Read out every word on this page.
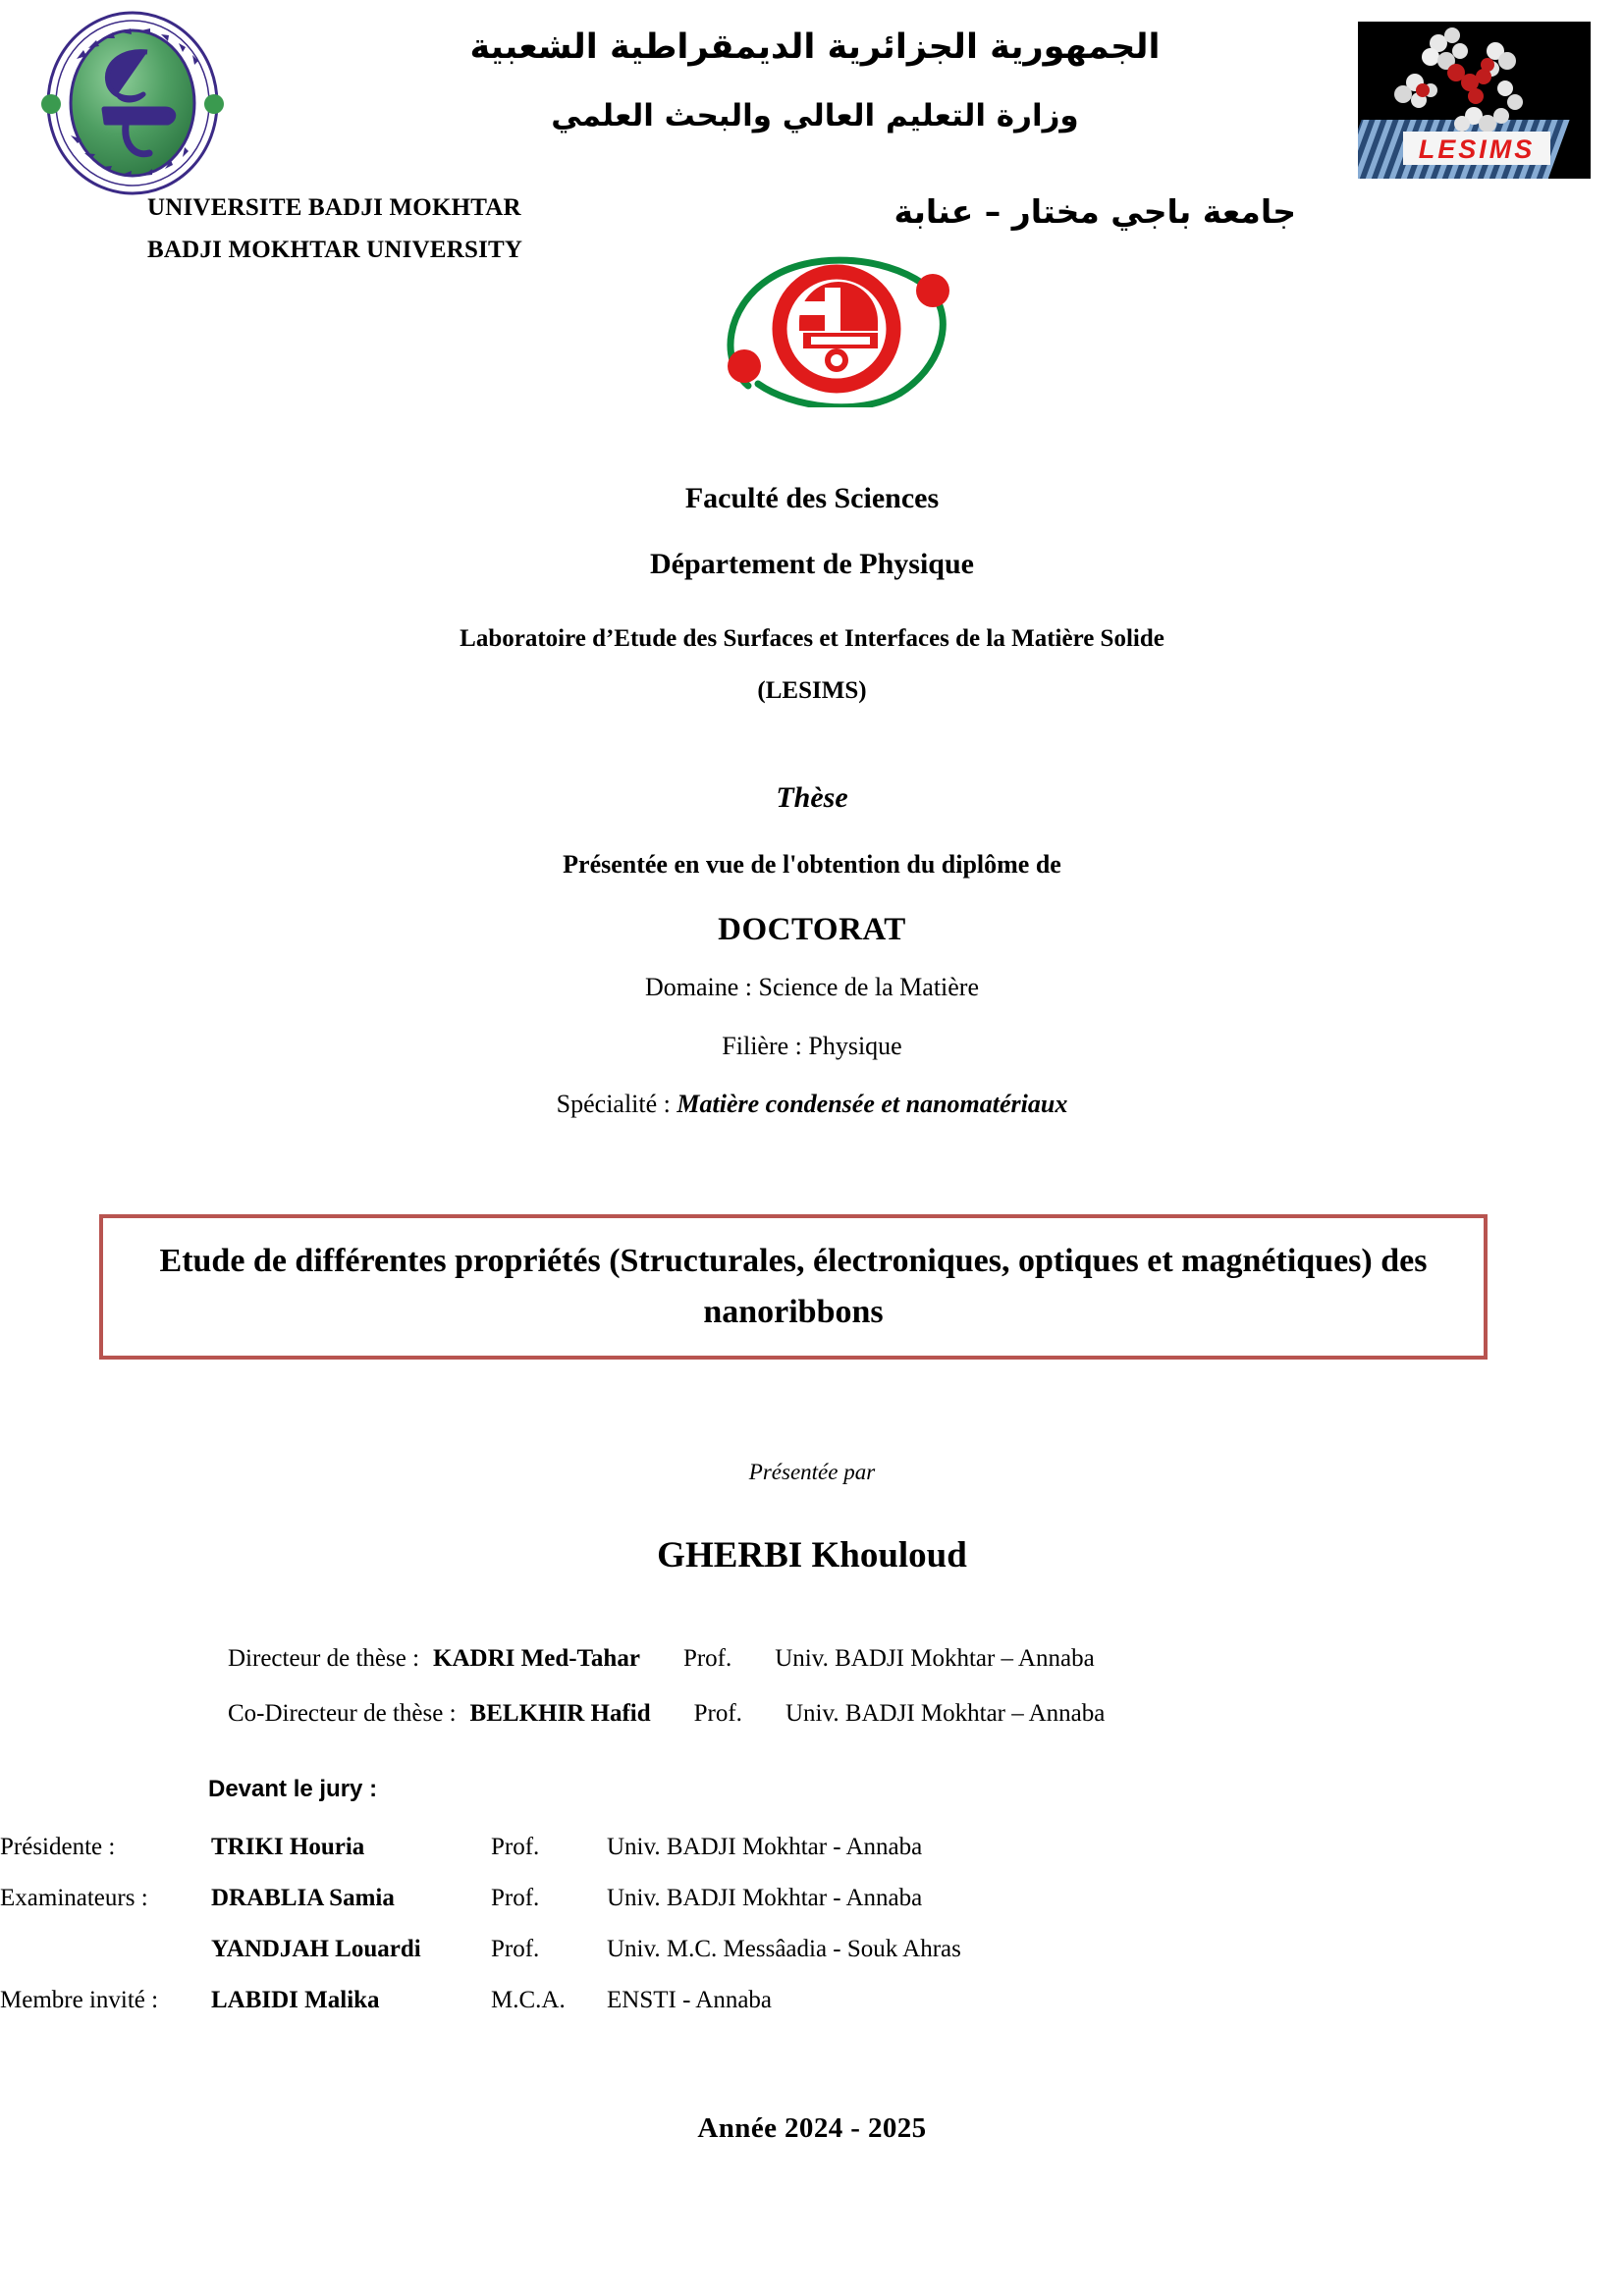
الجمهورية الجزائرية الديمقراطية الشعبية
وزارة التعليم العالي والبحث العلمي
LESIMS
UNIVERSITE BADJI MOKHTAR
BADJI MOKHTAR UNIVERSITY
جامعة باجي مختار – عنابة
Faculté des Sciences
Département de Physique
Laboratoire d’Etude des Surfaces et Interfaces de la Matière Solide
(LESIMS)
Thèse
Présentée en vue de l'obtention du diplôme de
DOCTORAT
Domaine : Science de la Matière
Filière : Physique
Spécialité : Matière condensée et nanomatériaux
Etude de différentes propriétés (Structurales, électroniques, optiques et magnétiques) des nanoribbons
Présentée par
GHERBI Khouloud
Directeur de thèse : KADRI Med-Tahar Prof. Univ. BADJI Mokhtar – Annaba
Co-Directeur de thèse : BELKHIR Hafid Prof. Univ. BADJI Mokhtar – Annaba
Devant le jury :
Présidente :	TRIKI Houria	Prof.	Univ. BADJI Mokhtar - Annaba
Examinateurs :	DRABLIA Samia	Prof.	Univ. BADJI Mokhtar - Annaba
	YANDJAH Louardi	Prof.	Univ. M.C. Messâadia - Souk Ahras
Membre invité :	LABIDI Malika	M.C.A.	ENSTI - Annaba
Année 2024 - 2025
